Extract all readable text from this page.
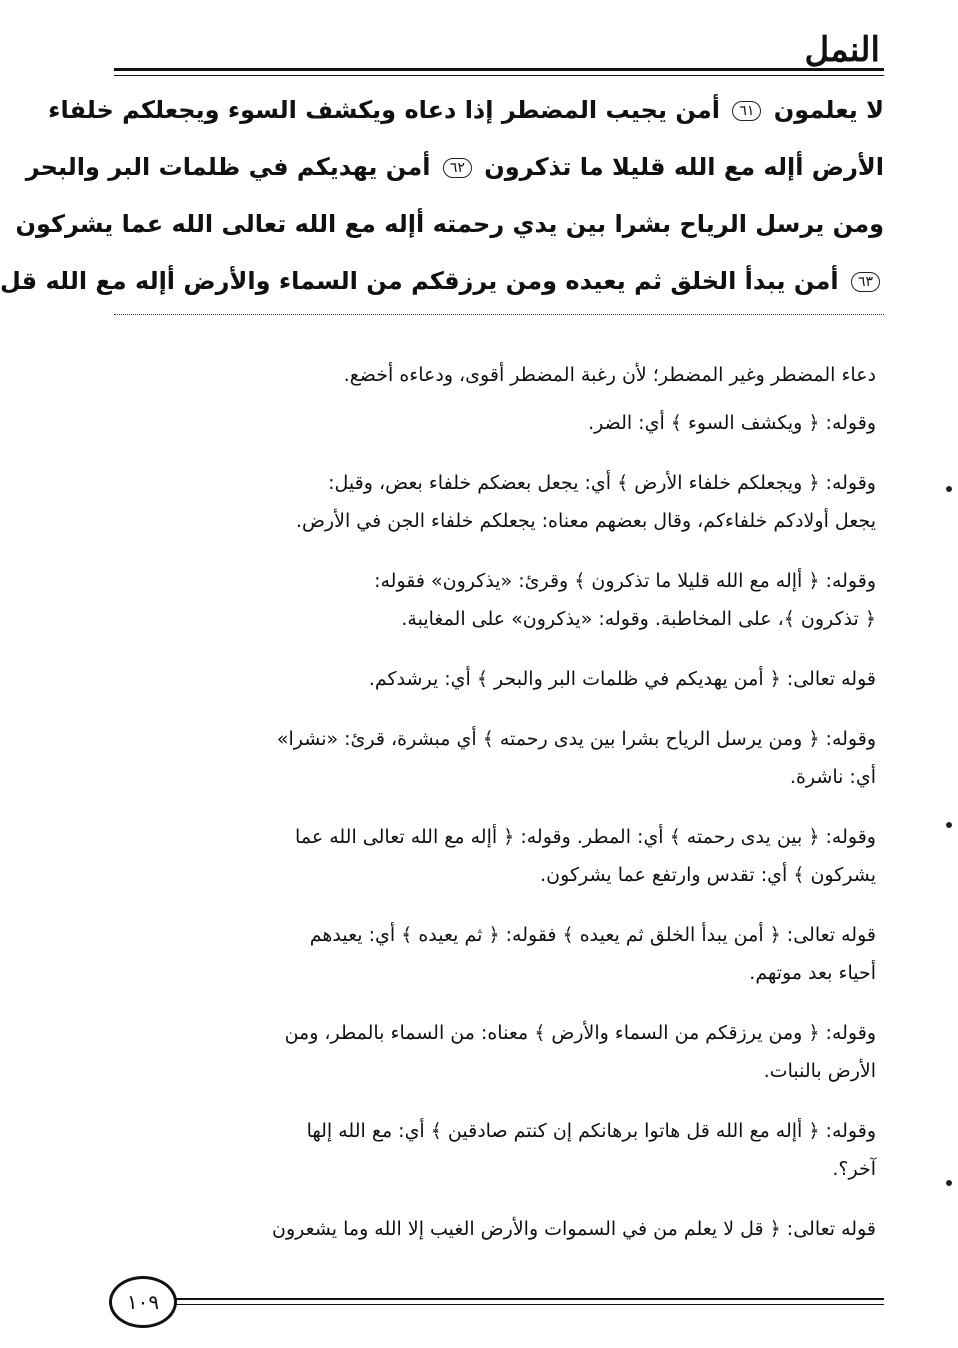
النمل
لا يعلمون ٦١ أمن يجيب المضطر إذا دعاه ويكشف السوء ويجعلكم خلفاء
الأرض أإله مع الله قليلا ما تذكرون ٦٢ أمن يهديكم في ظلمات البر والبحر
ومن يرسل الرياح بشرا بين يدي رحمته أإله مع الله تعالى الله عما يشركون
٦٣ أمن يبدأ الخلق ثم يعيده ومن يرزقكم من السماء والأرض أإله مع الله قل

دعاء المضطر وغير المضطر؛ لأن رغبة المضطر أقوى، ودعاءه أخضع.

وقوله: ﴿ ويكشف السوء ﴾ أي: الضر.

وقوله: ﴿ ويجعلكم خلفاء الأرض ﴾ أي: يجعل بعضكم خلفاء بعض، وقيل:
يجعل أولادكم خلفاءكم، وقال بعضهم معناه: يجعلكم خلفاء الجن في الأرض.

وقوله: ﴿ أإله مع الله قليلا ما تذكرون ﴾ وقرئ: «يذكرون» فقوله:
﴿ تذكرون ﴾، على المخاطبة. وقوله: «يذكرون» على المغايبة.

قوله تعالى: ﴿ أمن يهديكم في ظلمات البر والبحر ﴾ أي: يرشدكم.

وقوله: ﴿ ومن يرسل الرياح بشرا بين يدى رحمته ﴾ أي مبشرة، قرئ: «نشرا»
أي: ناشرة.

وقوله: ﴿ بين يدى رحمته ﴾ أي: المطر. وقوله: ﴿ أإله مع الله تعالى الله عما
يشركون ﴾ أي: تقدس وارتفع عما يشركون.

قوله تعالى: ﴿ أمن يبدأ الخلق ثم يعيده ﴾ فقوله: ﴿ ثم يعيده ﴾ أي: يعيدهم
أحياء بعد موتهم.

وقوله: ﴿ ومن يرزقكم من السماء والأرض ﴾ معناه: من السماء بالمطر، ومن
الأرض بالنبات.

وقوله: ﴿ أإله مع الله قل هاتوا برهانكم إن كنتم صادقين ﴾ أي: مع الله إلها
آخر؟.

قوله تعالى: ﴿ قل لا يعلم من في السموات والأرض الغيب إلا الله وما يشعرون

١٠٩
